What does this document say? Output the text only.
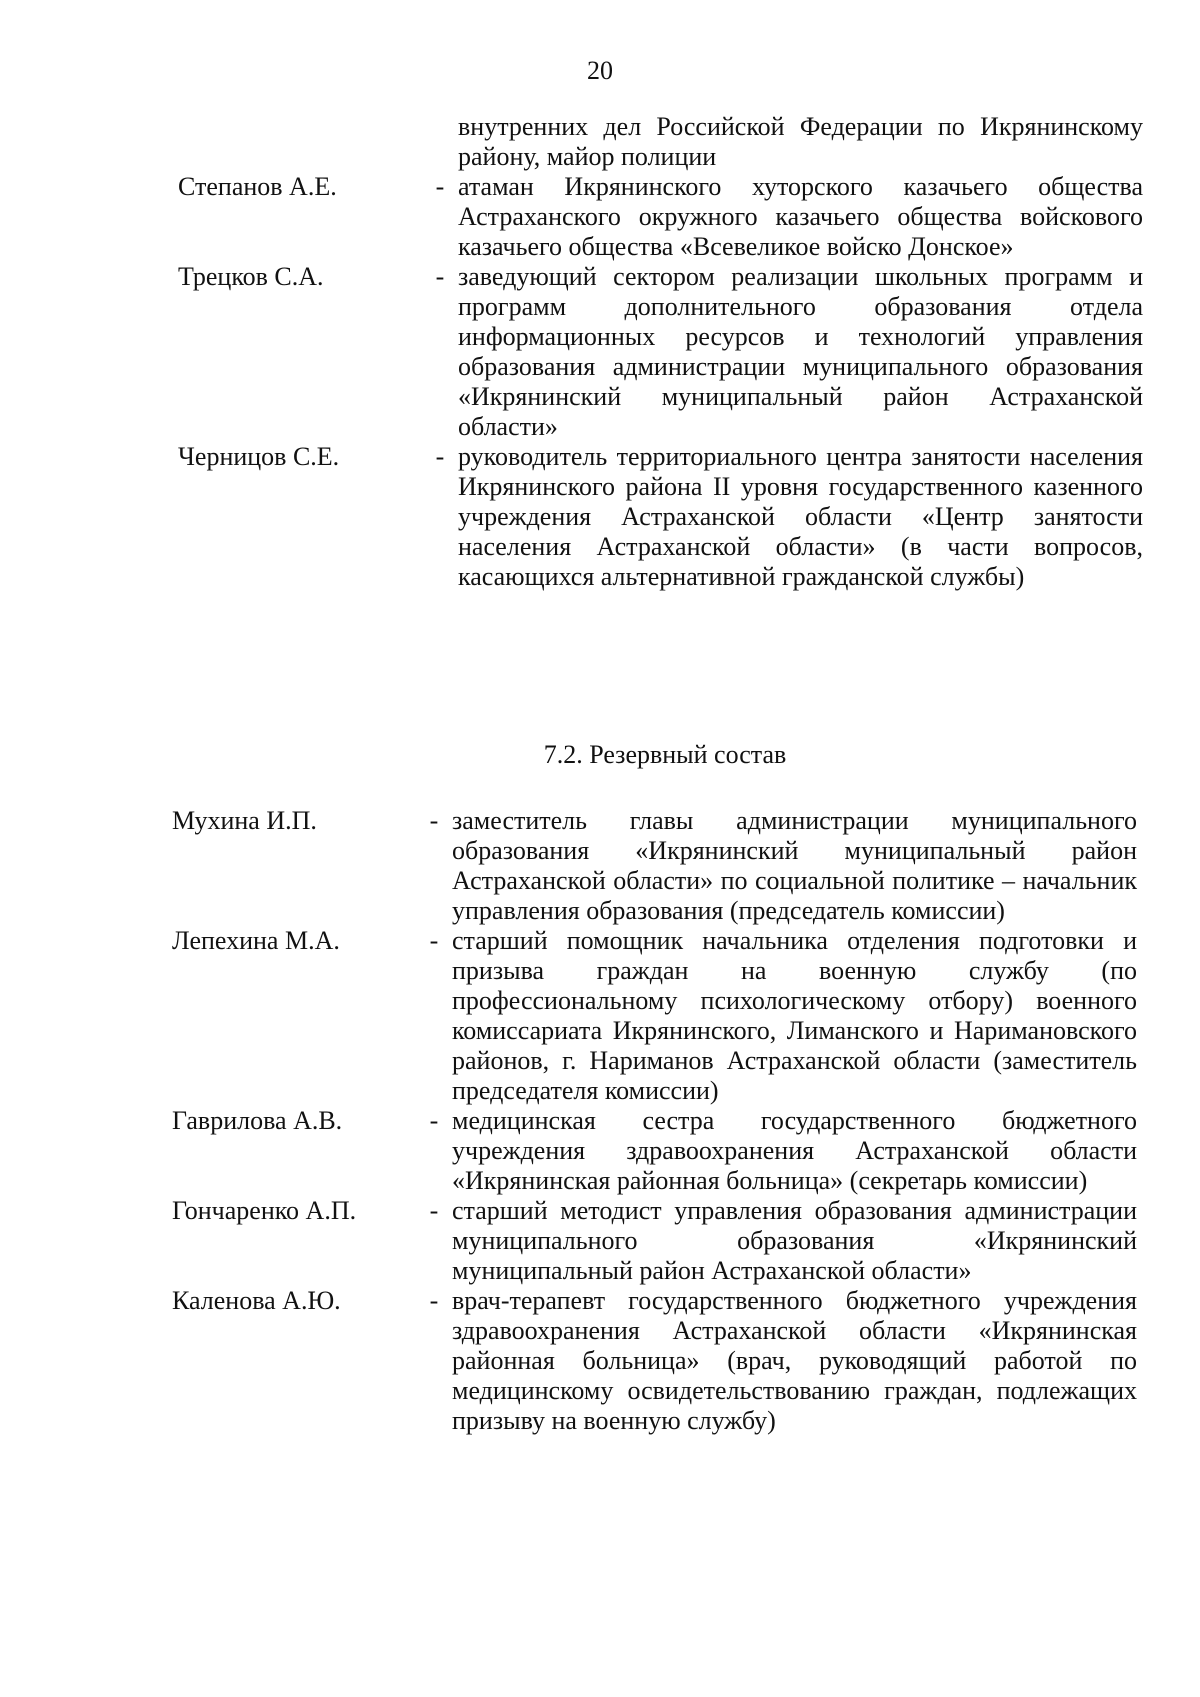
20
внутренних дел Российской Федерации по Икрянинскому району, майор полиции
Степанов А.Е.	- атаман Икрянинского хуторского казачьего общества Астраханского окружного казачьего общества войскового казачьего общества «Всевеликое войско Донское»
Трецков С.А.	- заведующий сектором реализации школьных программ и программ дополнительного образования отдела информационных ресурсов и технологий управления образования администрации муниципального образования «Икрянинский муниципальный район Астраханской области»
Черницов С.Е.	- руководитель территориального центра занятости населения Икрянинского района II уровня государственного казенного учреждения Астраханской области «Центр занятости населения Астраханской области» (в части вопросов, касающихся альтернативной гражданской службы)
7.2. Резервный состав
Мухина И.П.	- заместитель главы администрации муниципального образования «Икрянинский муниципальный район Астраханской области» по социальной политике – начальник управления образования (председатель комиссии)
Лепехина М.А.	- старший помощник начальника отделения подготовки и призыва граждан на военную службу (по профессиональному психологическому отбору) военного комиссариата Икрянинского, Лиманского и Наримановского районов, г. Нариманов Астраханской области (заместитель председателя комиссии)
Гаврилова А.В.	- медицинская сестра государственного бюджетного учреждения здравоохранения Астраханской области «Икрянинская районная больница» (секретарь комиссии)
Гончаренко А.П.	- старший методист управления образования администрации муниципального образования «Икрянинский муниципальный район Астраханской области»
Каленова А.Ю.	- врач-терапевт государственного бюджетного учреждения здравоохранения Астраханской области «Икрянинская районная больница» (врач, руководящий работой по медицинскому освидетельствованию граждан, подлежащих призыву на военную службу)
